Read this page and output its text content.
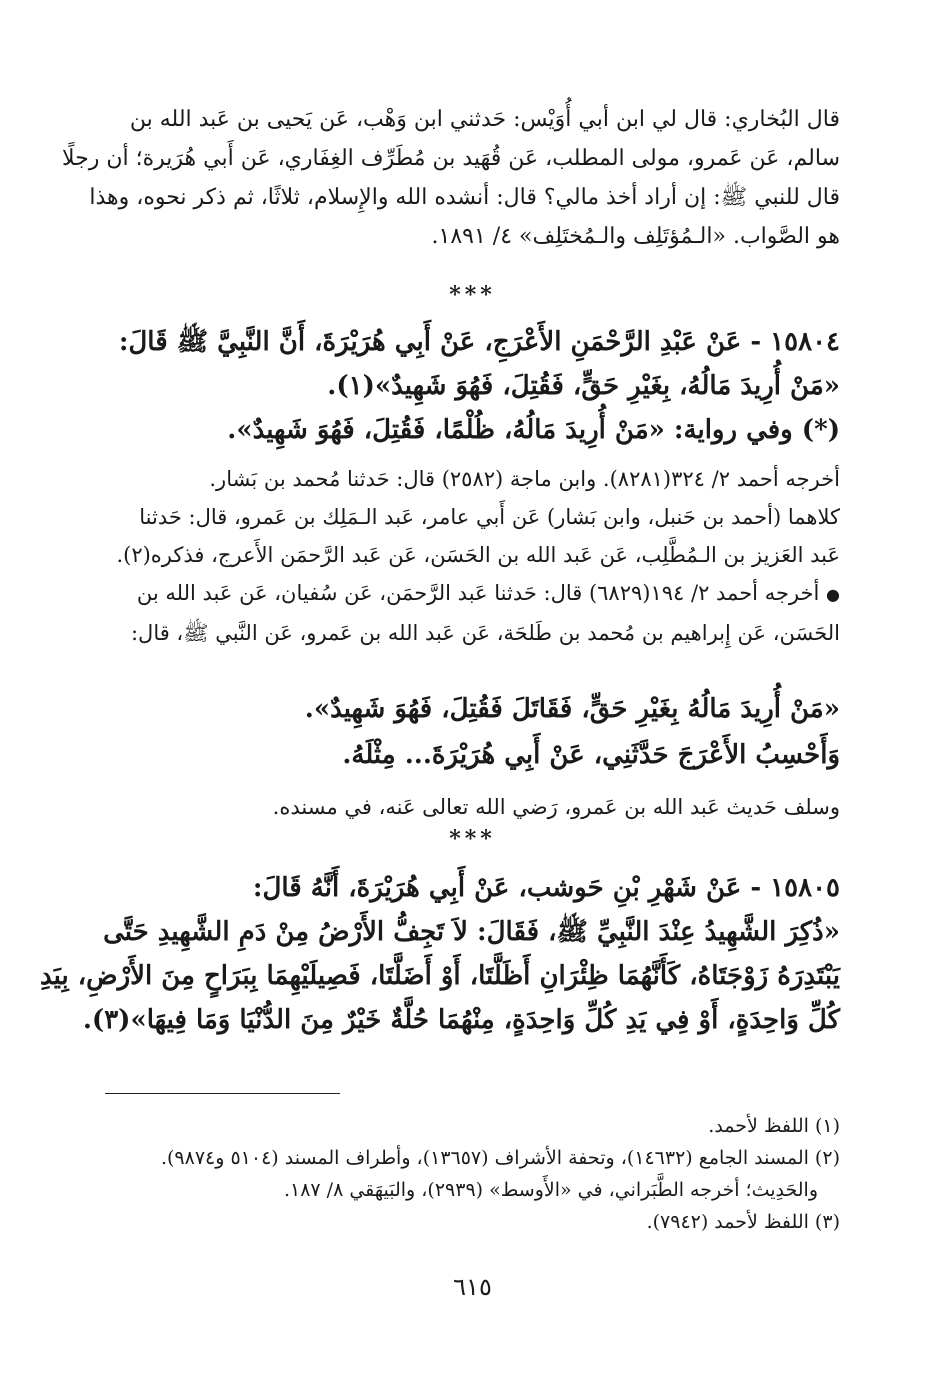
قال البُخاري: قال لي ابن أبي أُوَيْس: حَدثني ابن وَهْب، عَن يَحيى بن عَبد الله بن
سالم، عَن عَمرو، مولى المطلب، عَن قُهَيد بن مُطَرِّف الغِفَاري، عَن أَبي هُرَيرة؛ أن رجلًا
قال للنبي ﷺ: إن أراد أخذ مالي؟ قال: أنشده الله والإِسلام، ثلاثًا، ثم ذكر نحوه، وهذا
هو الصَّواب. «الـمُؤتَلِف والـمُختَلِف» ٤/ ١٨٩١.
***
١٥٨٠٤ - عَنْ عَبْدِ الرَّحْمَنِ الأَعْرَجِ، عَنْ أَبِي هُرَيْرَةَ، أَنَّ النَّبِيَّ ﷺ قَالَ:
«مَنْ أُرِيدَ مَالُهُ، بِغَيْرِ حَقٍّ، فَقُتِلَ، فَهُوَ شَهِيدٌ»(١).
(*) وفي رواية: «مَنْ أُرِيدَ مَالُهُ، ظُلْمًا، فَقُتِلَ، فَهُوَ شَهِيدٌ».
أخرجه أحمد ٢/ ٣٢٤(٨٢٨١). وابن ماجة (٢٥٨٢) قال: حَدثنا مُحمد بن بَشار.
كلاهما (أحمد بن حَنبل، وابن بَشار) عَن أَبي عامر، عَبد الـمَلِك بن عَمرو، قال: حَدثنا
عَبد العَزيز بن الـمُطَّلِب، عَن عَبد الله بن الحَسَن، عَن عَبد الرَّحمَن الأَعرج، فذكره(٢).
● أخرجه أحمد ٢/ ١٩٤(٦٨٢٩) قال: حَدثنا عَبد الرَّحمَن، عَن سُفيان، عَن عَبد الله بن
الحَسَن، عَن إِبراهيم بن مُحمد بن طَلحَة، عَن عَبد الله بن عَمرو، عَن النَّبي ﷺ، قال:
«مَنْ أُرِيدَ مَالُهُ بِغَيْرِ حَقٍّ، فَقَاتَلَ فَقُتِلَ، فَهُوَ شَهِيدٌ».
وَأَحْسِبُ الأَعْرَجَ حَدَّثَنِي، عَنْ أَبِي هُرَيْرَةَ... مِثْلَهُ.
وسلف حَديث عَبد الله بن عَمرو، رَضي الله تعالى عَنه، في مسنده.
***
١٥٨٠٥ - عَنْ شَهْرِ بْنِ حَوشب، عَنْ أَبِي هُرَيْرَةَ، أَنَّهُ قَالَ:
«ذُكِرَ الشَّهِيدُ عِنْدَ النَّبِيِّ ﷺ، فَقَالَ: لاَ تَجِفُّ الأَرْضُ مِنْ دَمِ الشَّهِيدِ حَتَّى
يَبْتَدِرَهُ زَوْجَتَاهُ، كَأَنَّهُمَا ظِئْرَانِ أَظَلَّتَا، أَوْ أَضَلَّتَا، فَصِيلَيْهِمَا بِبَرَاحٍ مِنَ الأَرْضِ، بِيَدِ
كُلِّ وَاحِدَةٍ، أَوْ فِي يَدِ كُلِّ وَاحِدَةٍ، مِنْهُمَا حُلَّةٌ خَيْرٌ مِنَ الدُّنْيَا وَمَا فِيهَا»(٣).
(١) اللفظ لأحمد.
(٢) المسند الجامع (١٤٦٣٢)، وتحفة الأشراف (١٣٦٥٧)، وأطراف المسند (٥١٠٤ و٩٨٧٤).
والحَدِيث؛ أخرجه الطَّبَراني، في «الأَوسط» (٢٩٣٩)، والبَيهَقي ٨/ ١٨٧.
(٣) اللفظ لأحمد (٧٩٤٢).
٦١٥
